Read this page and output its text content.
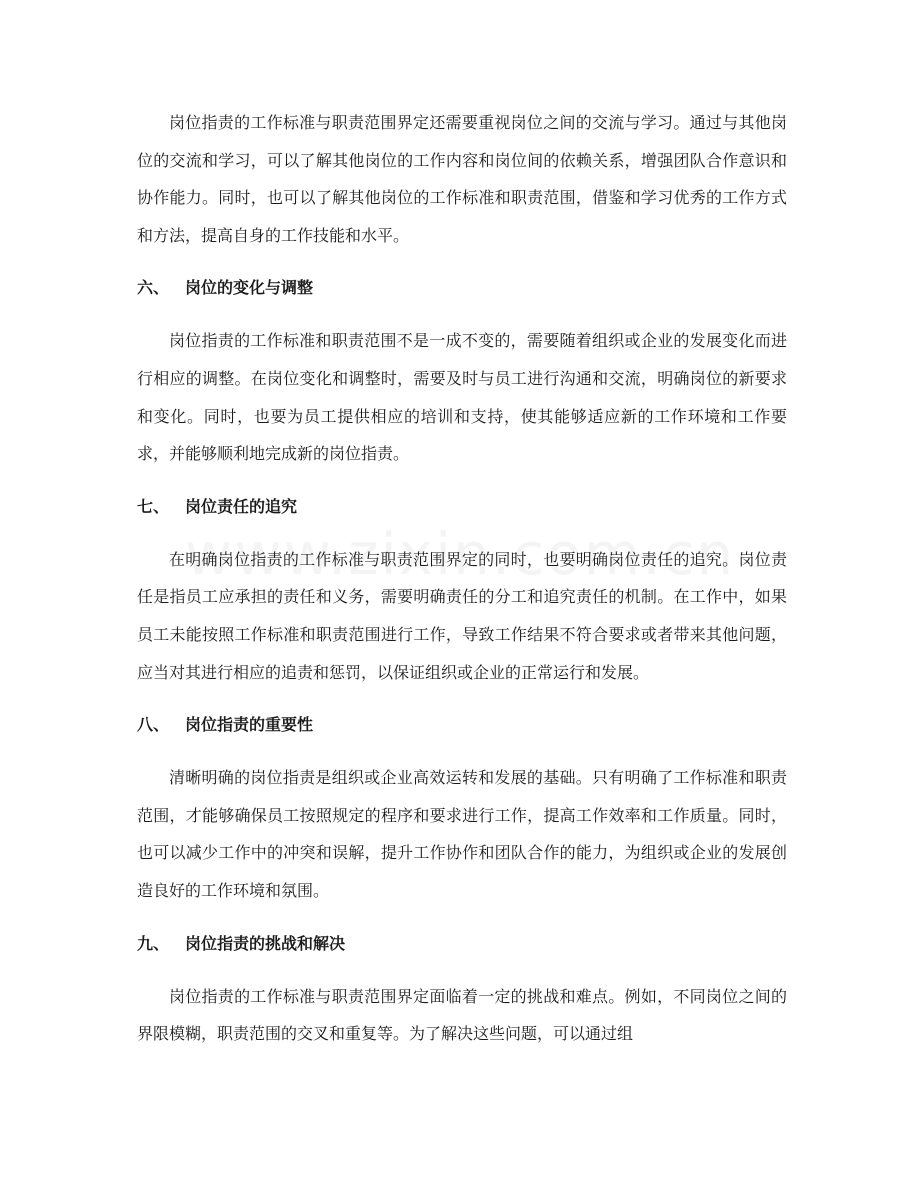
岗位指责的工作标准与职责范围界定还需要重视岗位之间的交流与学习。通过与其他岗位的交流和学习，可以了解其他岗位的工作内容和岗位间的依赖关系，增强团队合作意识和协作能力。同时，也可以了解其他岗位的工作标准和职责范围，借鉴和学习优秀的工作方式和方法，提高自身的工作技能和水平。

六、 岗位的变化与调整

岗位指责的工作标准和职责范围不是一成不变的，需要随着组织或企业的发展变化而进行相应的调整。在岗位变化和调整时，需要及时与员工进行沟通和交流，明确岗位的新要求和变化。同时，也要为员工提供相应的培训和支持，使其能够适应新的工作环境和工作要求，并能够顺利地完成新的岗位指责。

七、 岗位责任的追究

在明确岗位指责的工作标准与职责范围界定的同时，也要明确岗位责任的追究。岗位责任是指员工应承担的责任和义务，需要明确责任的分工和追究责任的机制。在工作中，如果员工未能按照工作标准和职责范围进行工作，导致工作结果不符合要求或者带来其他问题，应当对其进行相应的追责和惩罚，以保证组织或企业的正常运行和发展。

八、 岗位指责的重要性

清晰明确的岗位指责是组织或企业高效运转和发展的基础。只有明确了工作标准和职责范围，才能够确保员工按照规定的程序和要求进行工作，提高工作效率和工作质量。同时，也可以减少工作中的冲突和误解，提升工作协作和团队合作的能力，为组织或企业的发展创造良好的工作环境和氛围。

九、 岗位指责的挑战和解决

岗位指责的工作标准与职责范围界定面临着一定的挑战和难点。例如，不同岗位之间的界限模糊，职责范围的交叉和重复等。为了解决这些问题，可以通过组
